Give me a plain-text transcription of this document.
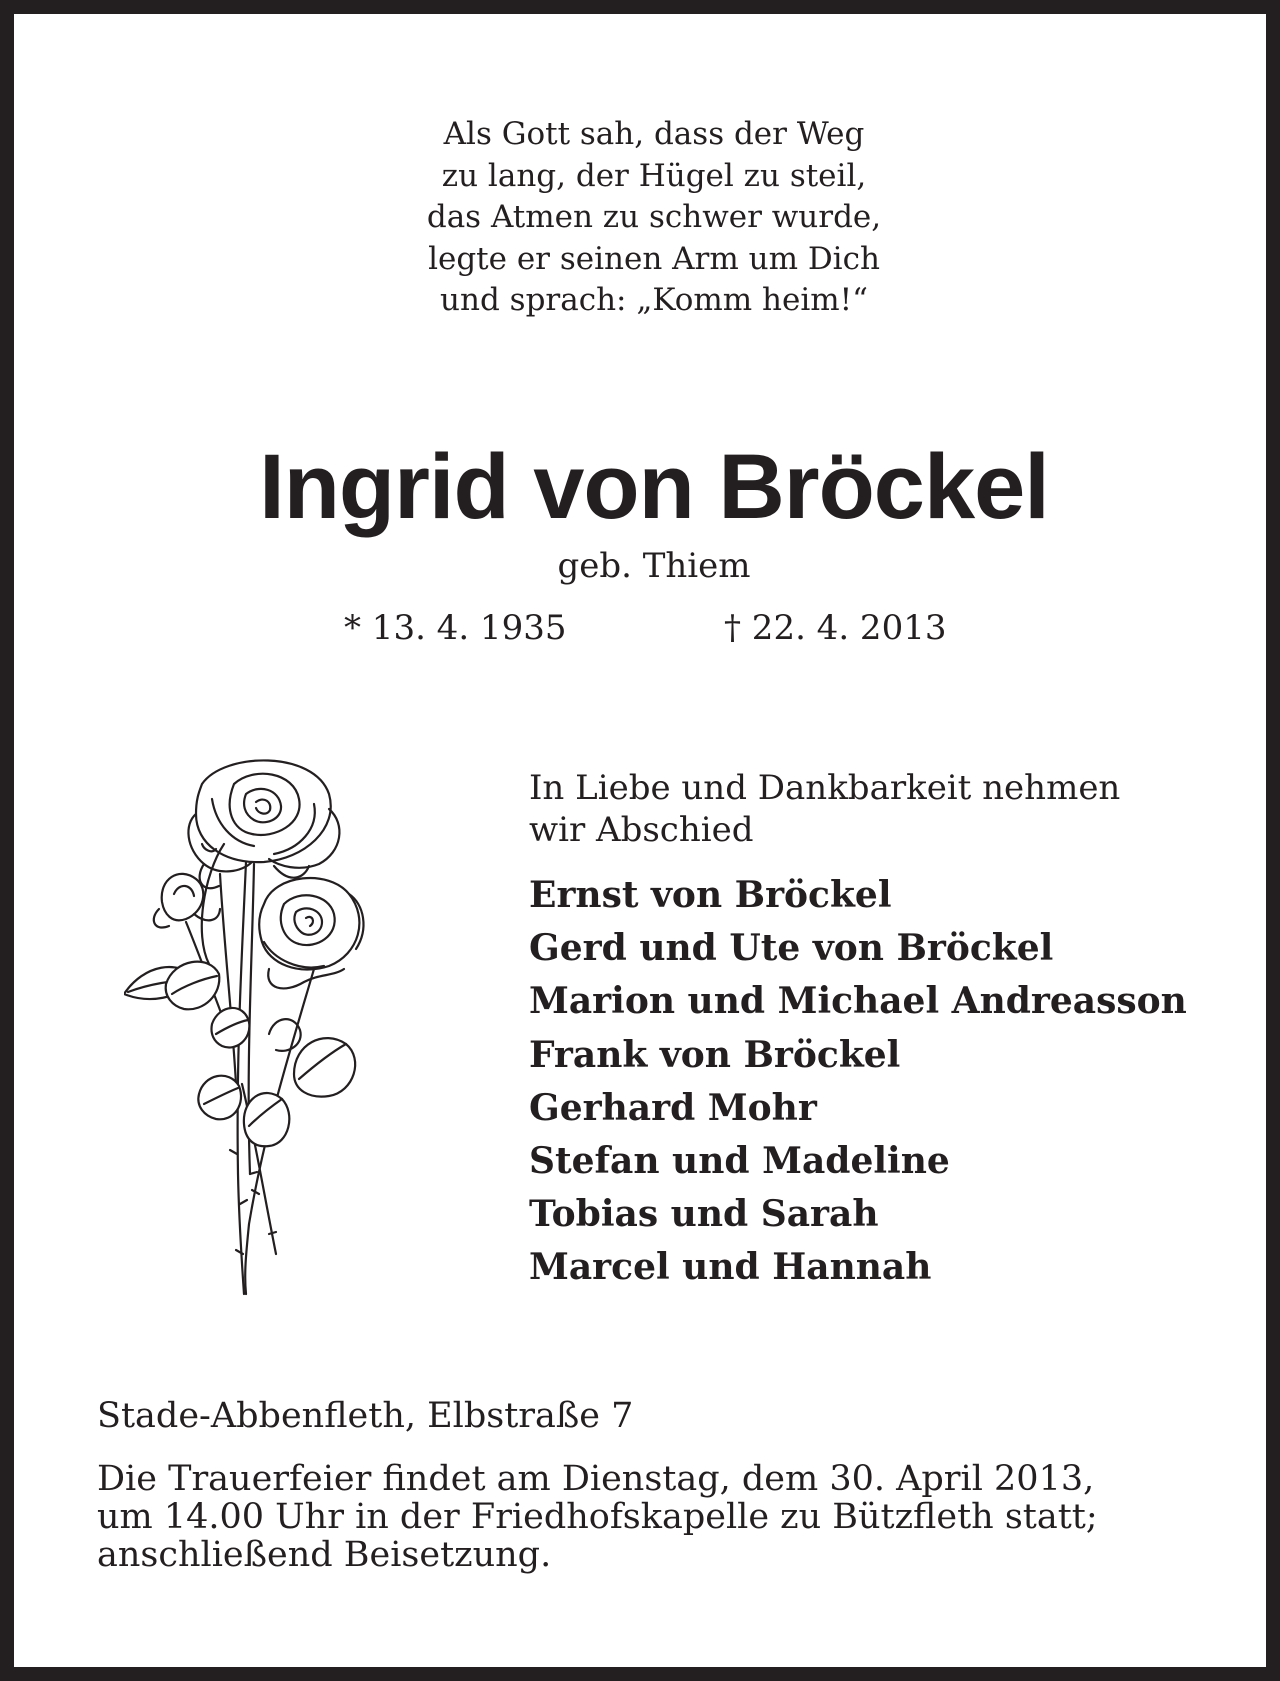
Als Gott sah, dass der Weg
zu lang, der Hügel zu steil,
das Atmen zu schwer wurde,
legte er seinen Arm um Dich
und sprach: „Komm heim!“
Ingrid von Bröckel
geb. Thiem
* 13. 4. 1935	† 22. 4. 2013
In Liebe und Dankbarkeit nehmen
wir Abschied
Ernst von Bröckel
Gerd und Ute von Bröckel
Marion und Michael Andreasson
Frank von Bröckel
Gerhard Mohr
Stefan und Madeline
Tobias und Sarah
Marcel und Hannah
Stade-Abbenfleth, Elbstraße 7
Die Trauerfeier findet am Dienstag, dem 30. April 2013,
um 14.00 Uhr in der Friedhofskapelle zu Bützfleth statt;
anschließend Beisetzung.
